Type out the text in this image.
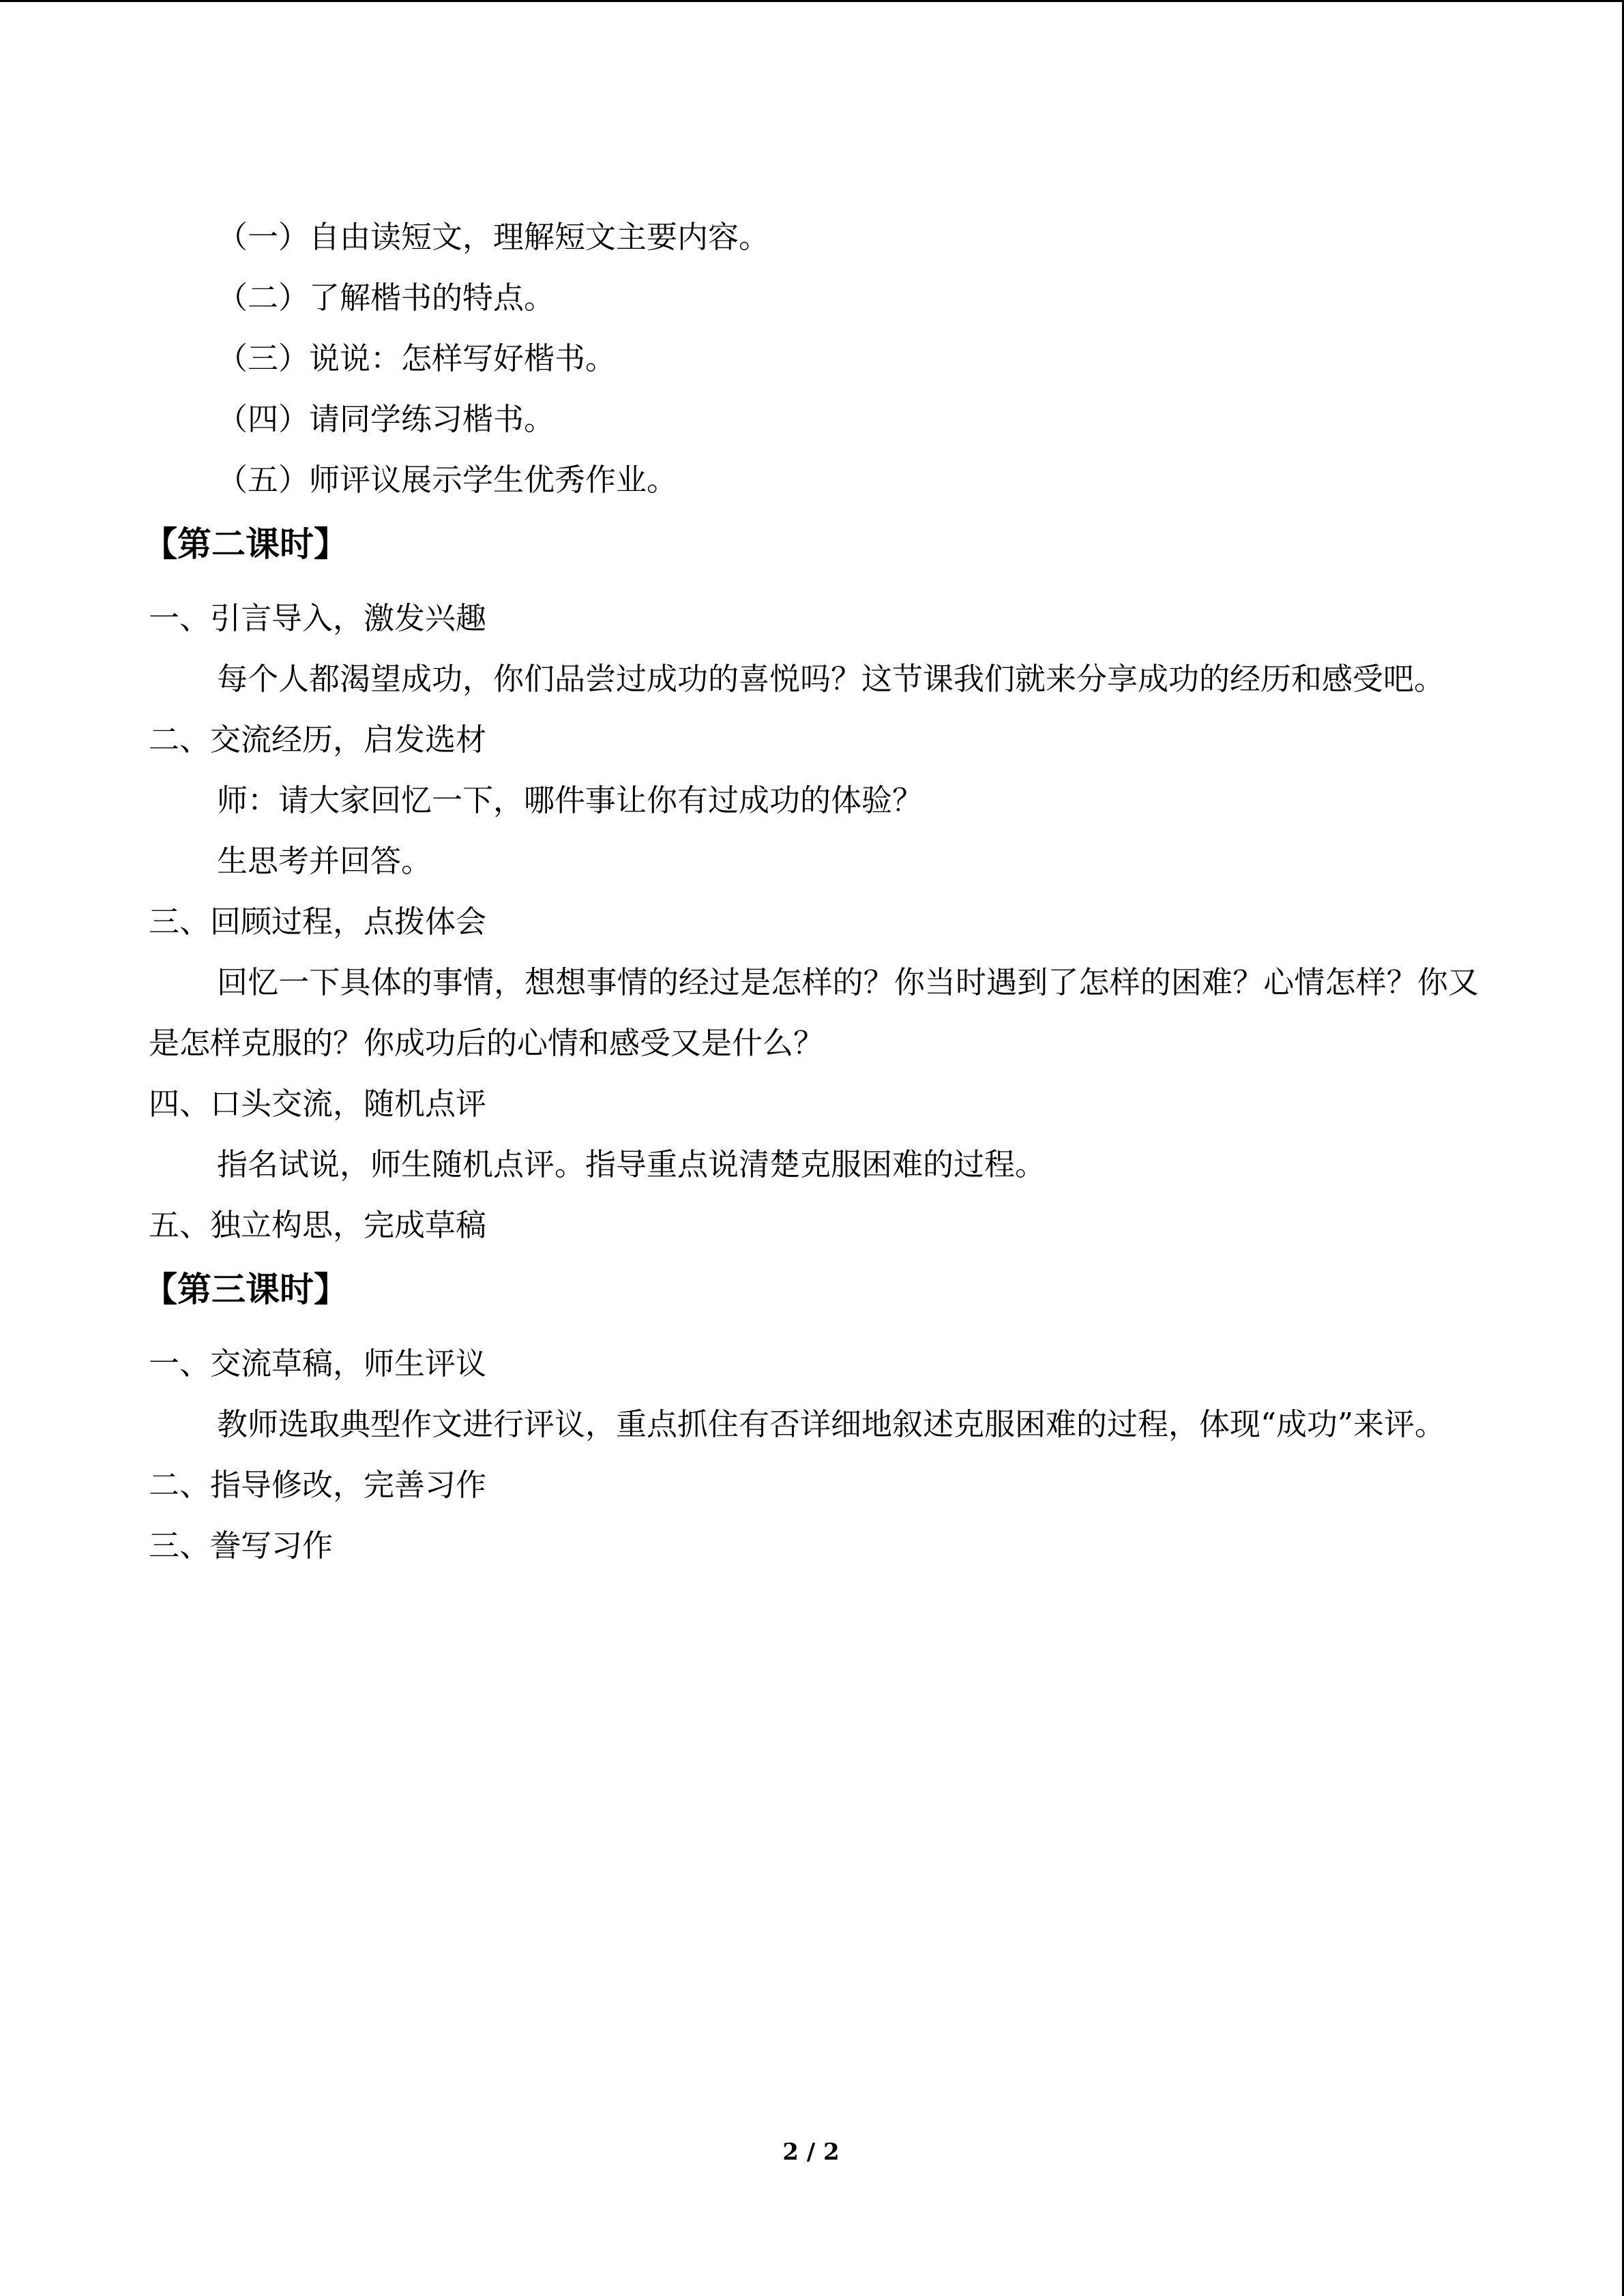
（一）自由读短文，理解短文主要内容。

（二）了解楷书的特点。

（三）说说：怎样写好楷书。

（四）请同学练习楷书。

（五）师评议展示学生优秀作业。

【第二课时】

一、引言导入，激发兴趣

每个人都渴望成功，你们品尝过成功的喜悦吗？这节课我们就来分享成功的经历和感受吧。

二、交流经历，启发选材

师：请大家回忆一下，哪件事让你有过成功的体验？

生思考并回答。

三、回顾过程，点拨体会

回忆一下具体的事情，想想事情的经过是怎样的？你当时遇到了怎样的困难？心情怎样？你又是怎样克服的？你成功后的心情和感受又是什么？

四、口头交流，随机点评

指名试说，师生随机点评。指导重点说清楚克服困难的过程。

五、独立构思，完成草稿

【第三课时】

一、交流草稿，师生评议

教师选取典型作文进行评议，重点抓住有否详细地叙述克服困难的过程，体现“成功”来评。

二、指导修改，完善习作

三、誊写习作

2 / 2
